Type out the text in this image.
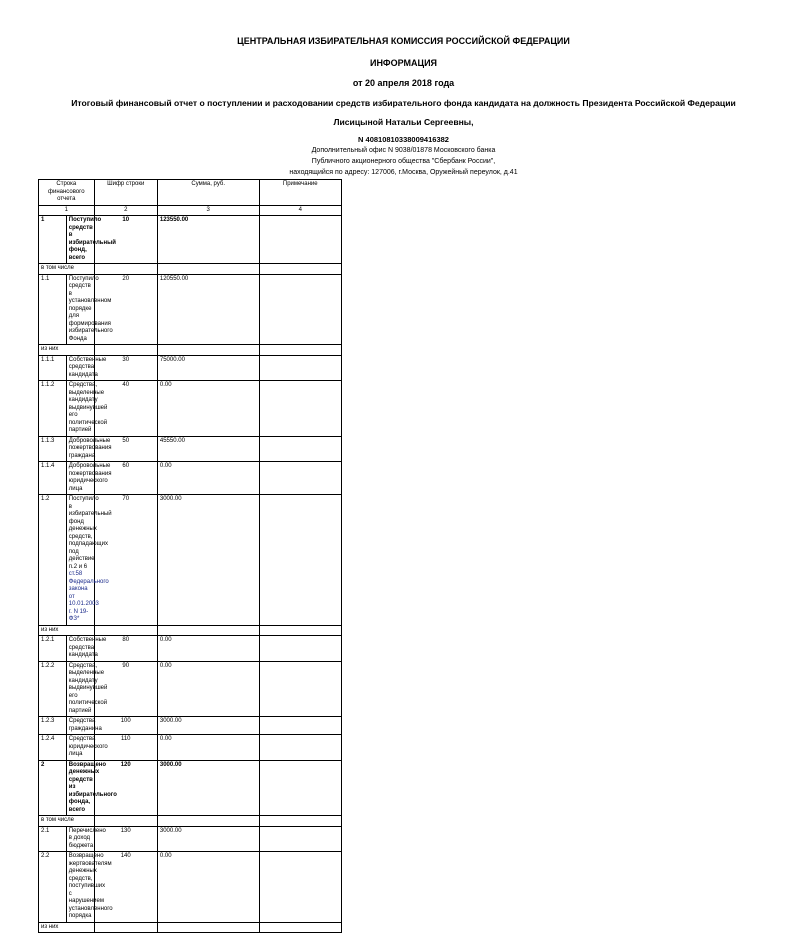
ЦЕНТРАЛЬНАЯ ИЗБИРАТЕЛЬНАЯ КОМИССИЯ РОССИЙСКОЙ ФЕДЕРАЦИИ
ИНФОРМАЦИЯ
от 20 апреля 2018 года
Итоговый финансовый отчет о поступлении и расходовании средств избирательного фонда кандидата на должность Президента Российской Федерации
Лисицыной Натальи Сергеевны,
N 40810810338009416382
Дополнительный офис N 9038/01878 Московского банка
Публичного акционерного общества "Сбербанк России",
находящийся по адресу: 127006, г.Москва, Оружейный переулок, д.41
Строка финансового отчета		Шифр строки	Сумма, руб.	Примечание
1		2	3	4
1	Поступило средств в избирательный фонд, всего	10	123550.00	
в том числе				
1.1	Поступило средств в установленном порядке для формирования избирательного Фонда	20	120550.00	
из них				
1.1.1	Собственные средства кандидата	30	75000.00	
1.1.2	Средства, выделенные кандидату выдвинувшей его политической партией	40	0.00	
1.1.3	Добровольные пожертвования граждана	50	45550.00	
1.1.4	Добровольные пожертвования юридического лица	60	0.00	
1.2	Поступило в избирательный фонд денежных средств, подпадающих под действие п.2 и 6 ст.58 Федерального закона от 10.01.2003 г. N 19-ФЗ*	70	3000.00	
из них				
1.2.1	Собственные средства кандидата	80	0.00	
1.2.2	Средства, выделенные кандидату выдвинувшей его политической партией	90	0.00	
1.2.3	Средства гражданина	100	3000.00	
1.2.4	Средства юридического лица	110	0.00	
2	Возвращено денежных средств из избирательного фонда, всего	120	3000.00	
в том числе				
2.1	Перечислено в доход бюджета	130	3000.00	
2.2	Возвращено жертвователям денежных средств, поступивших с нарушением установленного порядка	140	0.00	
из них				
